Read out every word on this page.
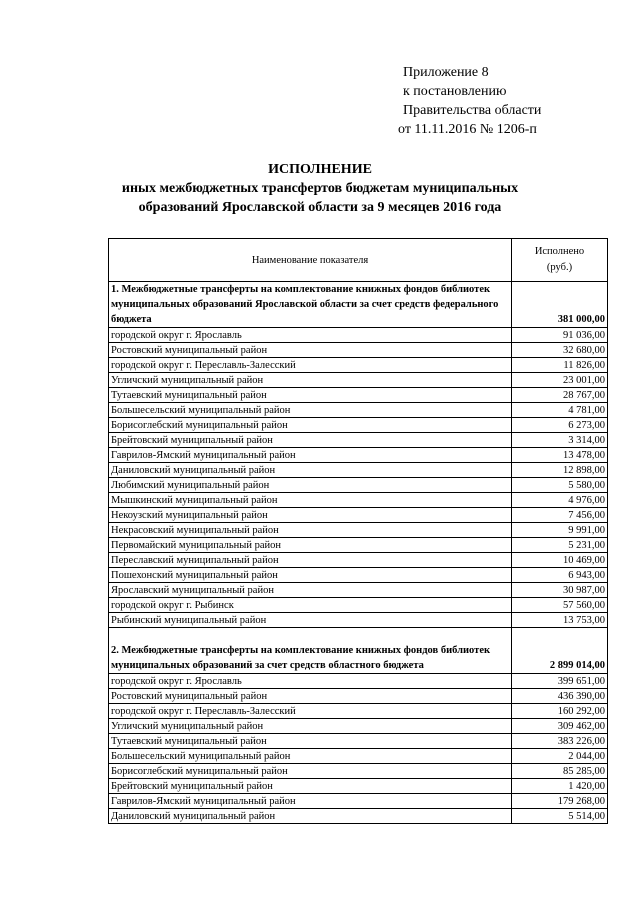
Приложение 8
к постановлению
Правительства области
от 11.11.2016 № 1206-п
ИСПОЛНЕНИЕ
иных межбюджетных трансфертов бюджетам муниципальных
образований Ярославской области за 9 месяцев 2016 года
Наименование показателя	Исполнено
(руб.)

1. Межбюджетные трансферты на комплектование книжных фондов библиотек муниципальных образований Ярославской области за счет средств федерального бюджета	381 000,00
городской округ г. Ярославль	91 036,00
Ростовский муниципальный район	32 680,00
городской округ г. Переславль-Залесский	11 826,00
Угличский муниципальный район	23 001,00
Тутаевский муниципальный район	28 767,00
Большесельский муниципальный район	4 781,00
Борисоглебский муниципальный район	6 273,00
Брейтовский муниципальный район	3 314,00
Гаврилов-Ямский муниципальный район	13 478,00
Даниловский муниципальный район	12 898,00
Любимский муниципальный район	5 580,00
Мышкинский муниципальный район	4 976,00
Некоузский муниципальный район	7 456,00
Некрасовский муниципальный район	9 991,00
Первомайский муниципальный район	5 231,00
Переславский муниципальный район	10 469,00
Пошехонский муниципальный район	6 943,00
Ярославский муниципальный район	30 987,00
городской округ г. Рыбинск	57 560,00
Рыбинский муниципальный район	13 753,00
2. Межбюджетные трансферты на комплектование книжных фондов библиотек муниципальных образований за счет средств областного бюджета	2 899 014,00
городской округ г. Ярославль	399 651,00
Ростовский муниципальный район	436 390,00
городской округ г. Переславль-Залесский	160 292,00
Угличский муниципальный район	309 462,00
Тутаевский муниципальный район	383 226,00
Большесельский муниципальный район	2 044,00
Борисоглебский муниципальный район	85 285,00
Брейтовский муниципальный район	1 420,00
Гаврилов-Ямский муниципальный район	179 268,00
Даниловский муниципальный район	5 514,00
